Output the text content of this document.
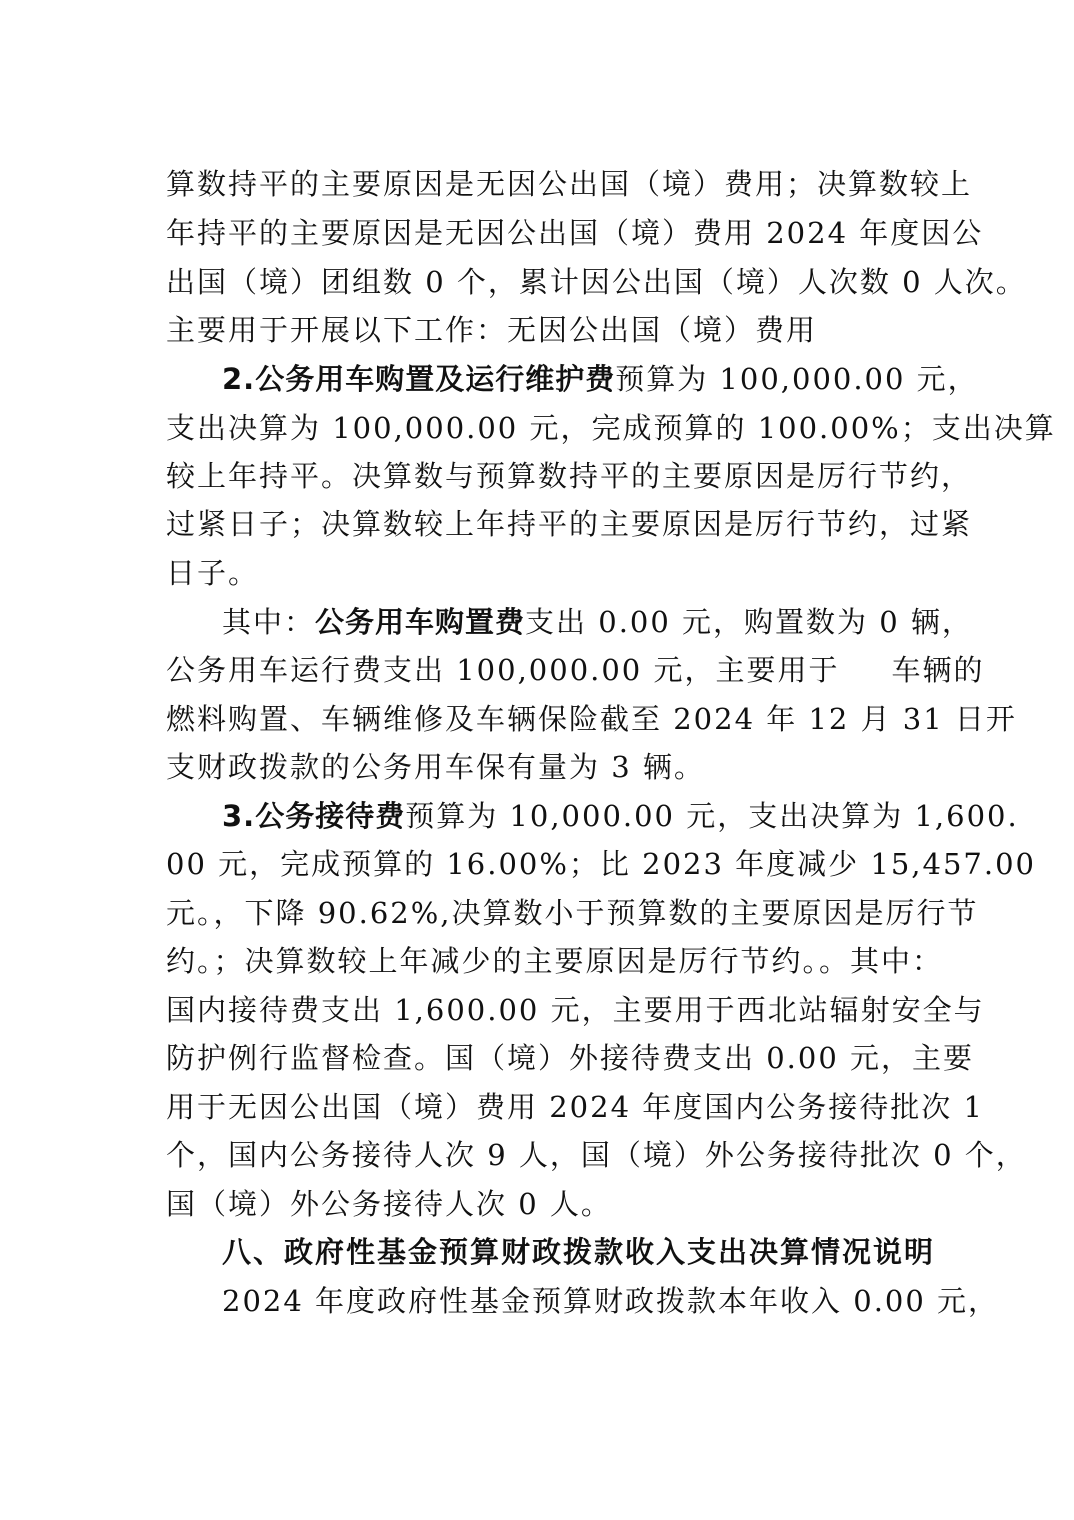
算数持平的主要原因是无因公出国（境）费用；决算数较上
年持平的主要原因是无因公出国（境）费用 2024 年度因公
出国（境）团组数 0 个，累计因公出国（境）人次数 0 人次。
主要用于开展以下工作：无因公出国（境）费用
2.公务用车购置及运行维护费预算为 100,000.00 元，
支出决算为 100,000.00 元，完成预算的 100.00%；支出决算
较上年持平。决算数与预算数持平的主要原因是厉行节约，
过紧日子；决算数较上年持平的主要原因是厉行节约，过紧
日子。
其中：公务用车购置费支出 0.00 元，购置数为 0 辆，
公务用车运行费支出 100,000.00 元，主要用于 车辆的
燃料购置、车辆维修及车辆保险截至 2024 年 12 月 31 日开
支财政拨款的公务用车保有量为 3 辆。
3.公务接待费预算为 10,000.00 元，支出决算为 1,600.
00 元，完成预算的 16.00%；比 2023 年度减少 15,457.00
元。，下降 90.62%,决算数小于预算数的主要原因是厉行节
约。；决算数较上年减少的主要原因是厉行节约。。其中：
国内接待费支出 1,600.00 元，主要用于西北站辐射安全与
防护例行监督检查。国（境）外接待费支出 0.00 元，主要
用于无因公出国（境）费用 2024 年度国内公务接待批次 1
个，国内公务接待人次 9 人，国（境）外公务接待批次 0 个，
国（境）外公务接待人次 0 人。
八、政府性基金预算财政拨款收入支出决算情况说明
2024 年度政府性基金预算财政拨款本年收入 0.00 元，
